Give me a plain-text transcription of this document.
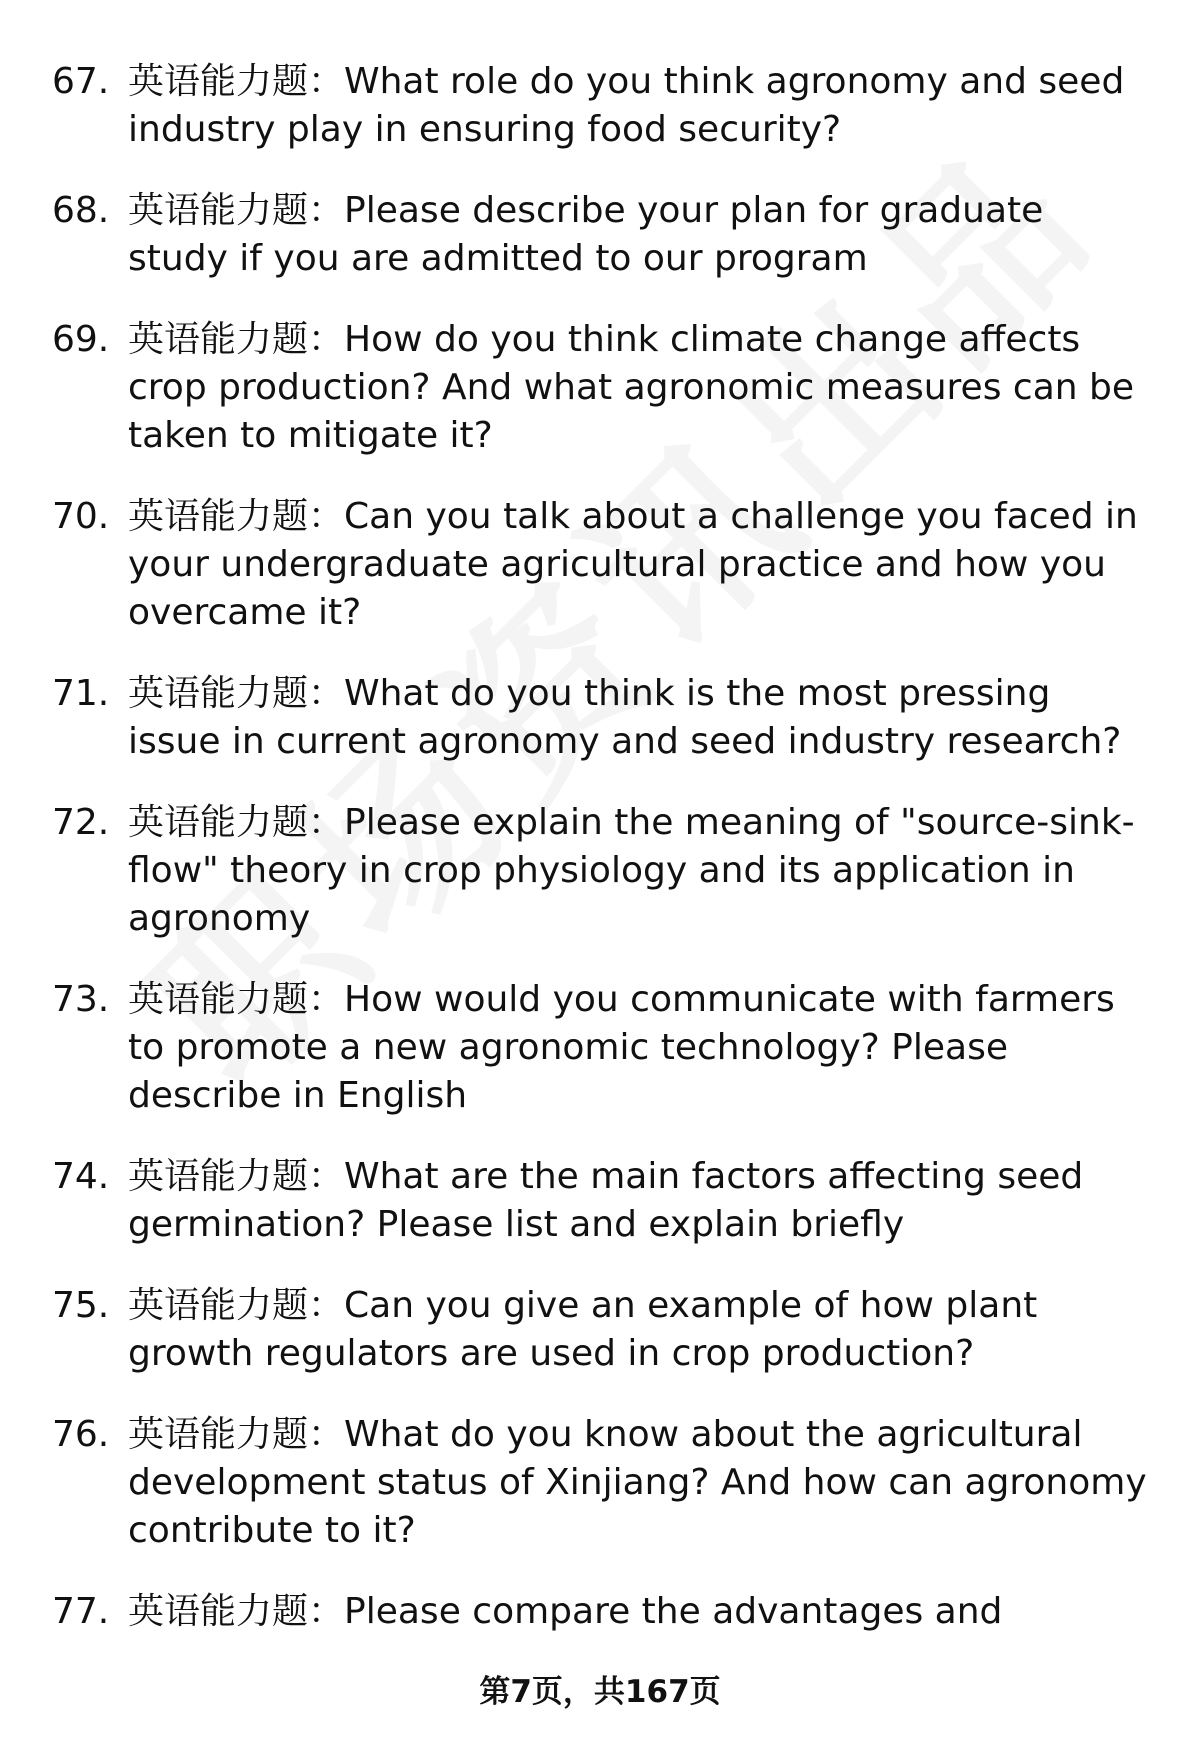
67. 英语能力题：What role do you think agronomy and seed industry play in ensuring food security?
68. 英语能力题：Please describe your plan for graduate study if you are admitted to our program
69. 英语能力题：How do you think climate change affects crop production? And what agronomic measures can be taken to mitigate it?
70. 英语能力题：Can you talk about a challenge you faced in your undergraduate agricultural practice and how you overcame it?
71. 英语能力题：What do you think is the most pressing issue in current agronomy and seed industry research?
72. 英语能力题：Please explain the meaning of "source-sink-flow" theory in crop physiology and its application in agronomy
73. 英语能力题：How would you communicate with farmers to promote a new agronomic technology? Please describe in English
74. 英语能力题：What are the main factors affecting seed germination? Please list and explain briefly
75. 英语能力题：Can you give an example of how plant growth regulators are used in crop production?
76. 英语能力题：What do you know about the agricultural development status of Xinjiang? And how can agronomy contribute to it?
77. 英语能力题：Please compare the advantages and
第7页，共167页
